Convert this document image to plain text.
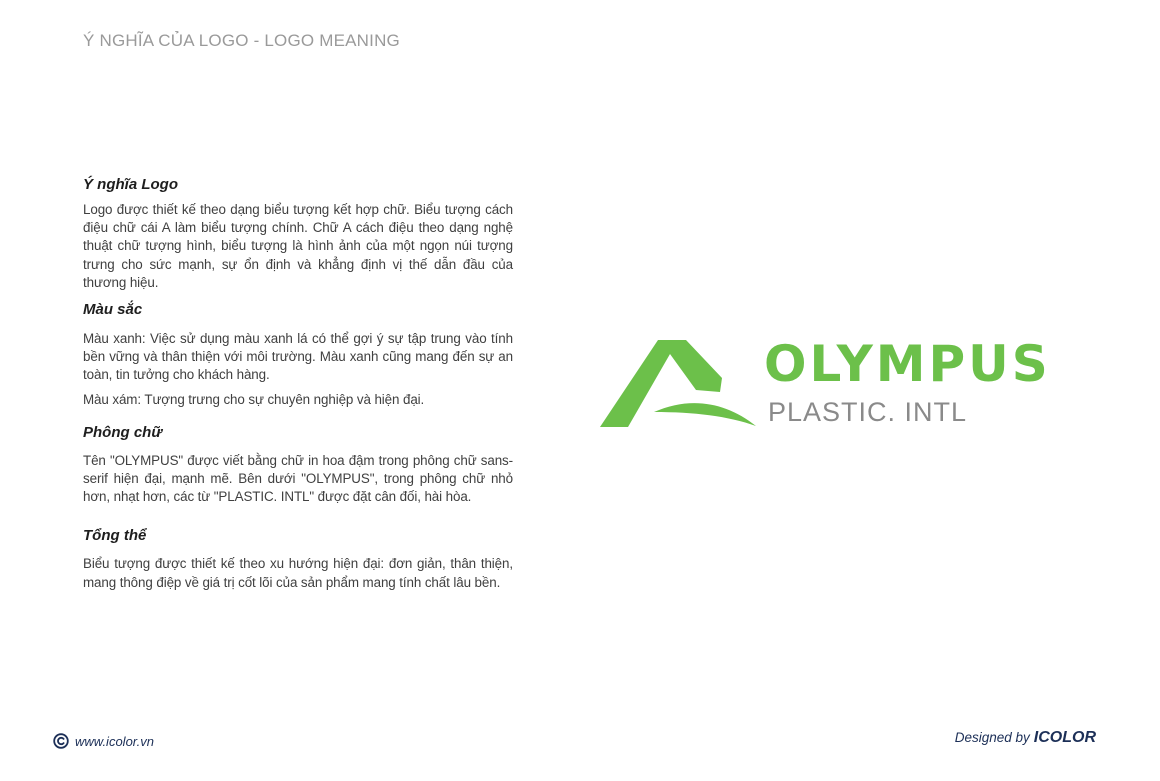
Ý NGHĨA CỦA LOGO - LOGO MEANING
Ý nghĩa Logo

Logo được thiết kế theo dạng biểu tượng kết hợp chữ. Biểu tượng cách điệu chữ cái A làm biểu tượng chính. Chữ A cách điệu theo dạng nghệ thuật chữ tượng hình, biểu tượng là hình ảnh của một ngọn núi tượng trưng cho sức mạnh, sự ổn định và khẳng định vị thế dẫn đầu của thương hiệu.

Màu sắc

Màu xanh: Việc sử dụng màu xanh lá có thể gợi ý sự tập trung vào tính bền vững và thân thiện với môi trường. Màu xanh cũng mang đến sự an toàn, tin tưởng cho khách hàng.

Màu xám: Tượng trưng cho sự chuyên nghiệp và hiện đại.

Phông chữ

Tên "OLYMPUS" được viết bằng chữ in hoa đậm trong phông chữ sans-serif hiện đại, mạnh mẽ. Bên dưới "OLYMPUS", trong phông chữ nhỏ hơn, nhạt hơn, các từ "PLASTIC. INTL" được đặt cân đối, hài hòa.

Tổng thể

Biểu tượng được thiết kế theo xu hướng hiện đại: đơn giản, thân thiện, mang thông điệp về giá trị cốt lõi của sản phẩm mang tính chất lâu bền.

OLYMPUS
PLASTIC. INTL
www.icolor.vn	Designed by ICOLOR
